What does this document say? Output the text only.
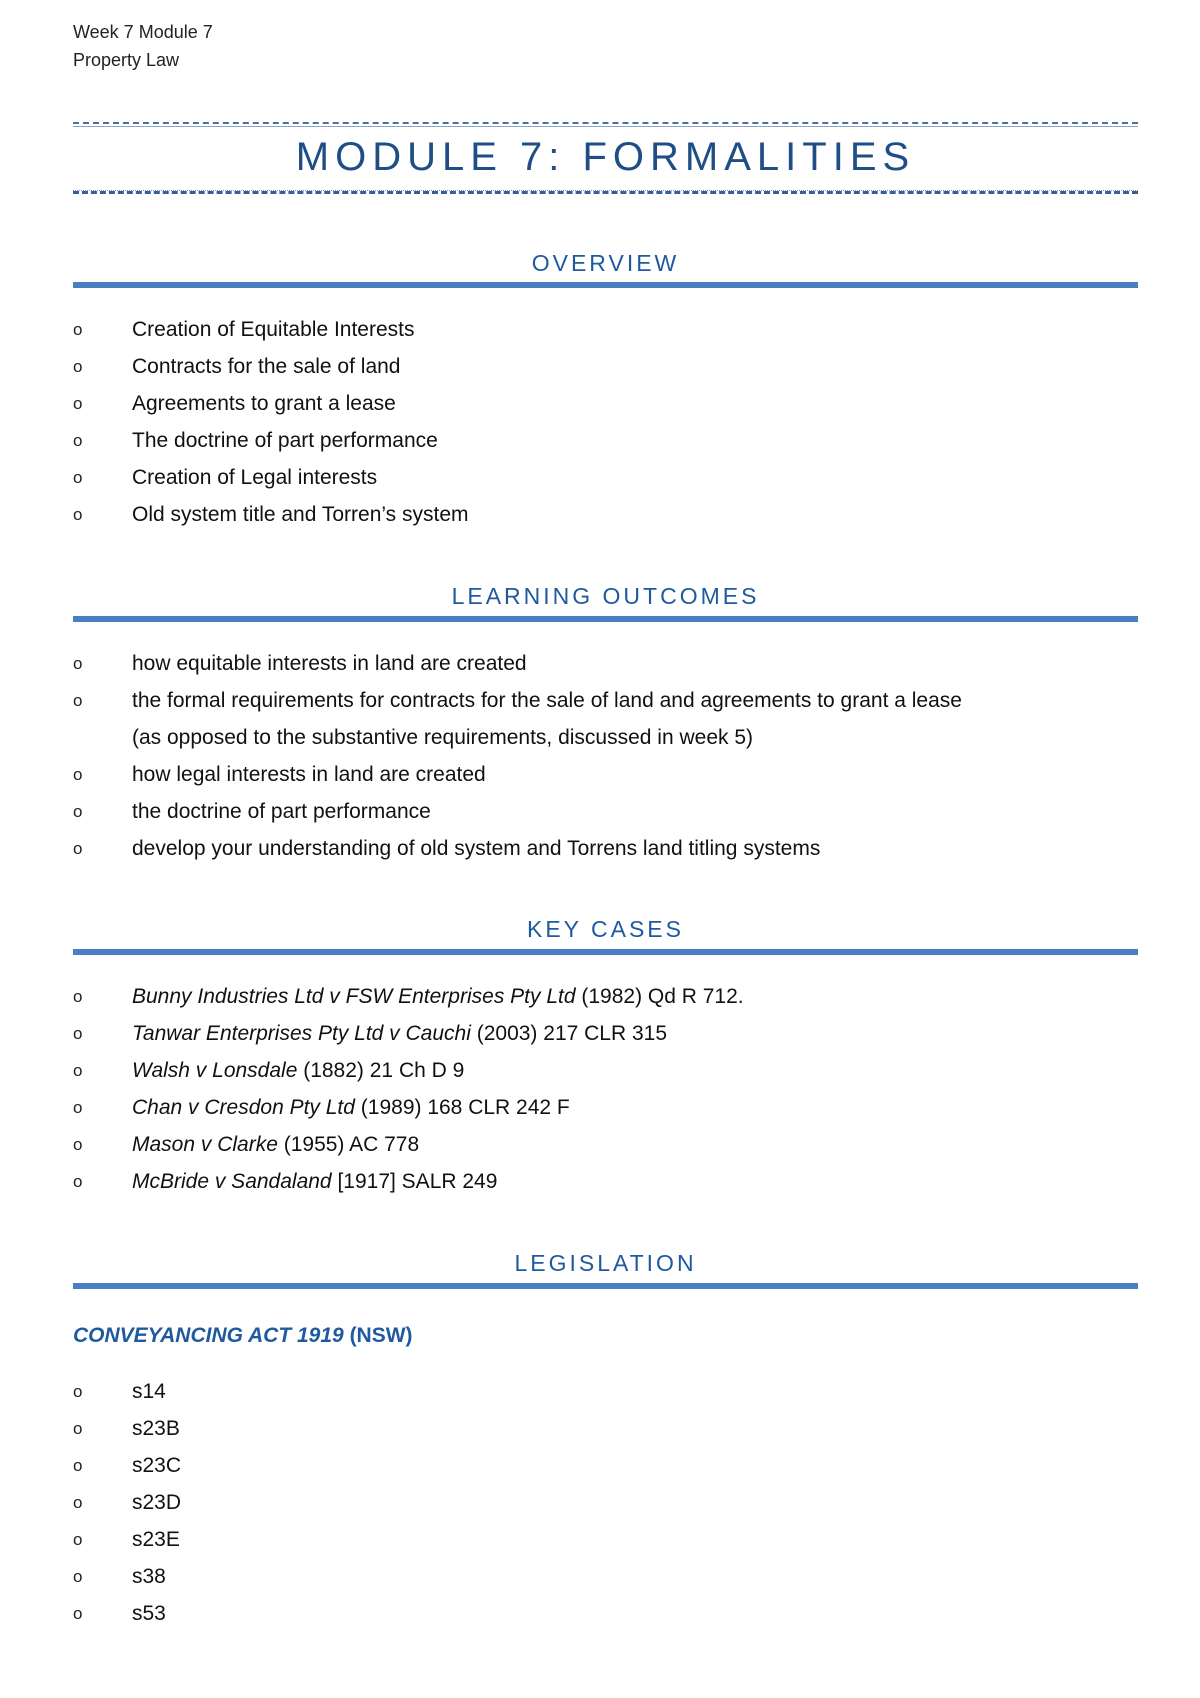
Week 7 Module 7
Property Law
MODULE 7: FORMALITIES
OVERVIEW
o	Creation of Equitable Interests
o	Contracts for the sale of land
o	Agreements to grant a lease
o	The doctrine of part performance
o	Creation of Legal interests
o	Old system title and Torren’s system
LEARNING OUTCOMES
o	how equitable interests in land are created
o	the formal requirements for contracts for the sale of land and agreements to grant a lease (as opposed to the substantive requirements, discussed in week 5)
o	how legal interests in land are created
o	the doctrine of part performance
o	develop your understanding of old system and Torrens land titling systems
KEY CASES
o	Bunny Industries Ltd v FSW Enterprises Pty Ltd (1982) Qd R 712.
o	Tanwar Enterprises Pty Ltd v Cauchi (2003) 217 CLR 315
o	Walsh v Lonsdale (1882) 21 Ch D 9
o	Chan v Cresdon Pty Ltd (1989) 168 CLR 242 F
o	Mason v Clarke (1955) AC 778
o	McBride v Sandaland [1917] SALR 249
LEGISLATION
CONVEYANCING ACT 1919 (NSW)
o	s14
o	s23B
o	s23C
o	s23D
o	s23E
o	s38
o	s53
